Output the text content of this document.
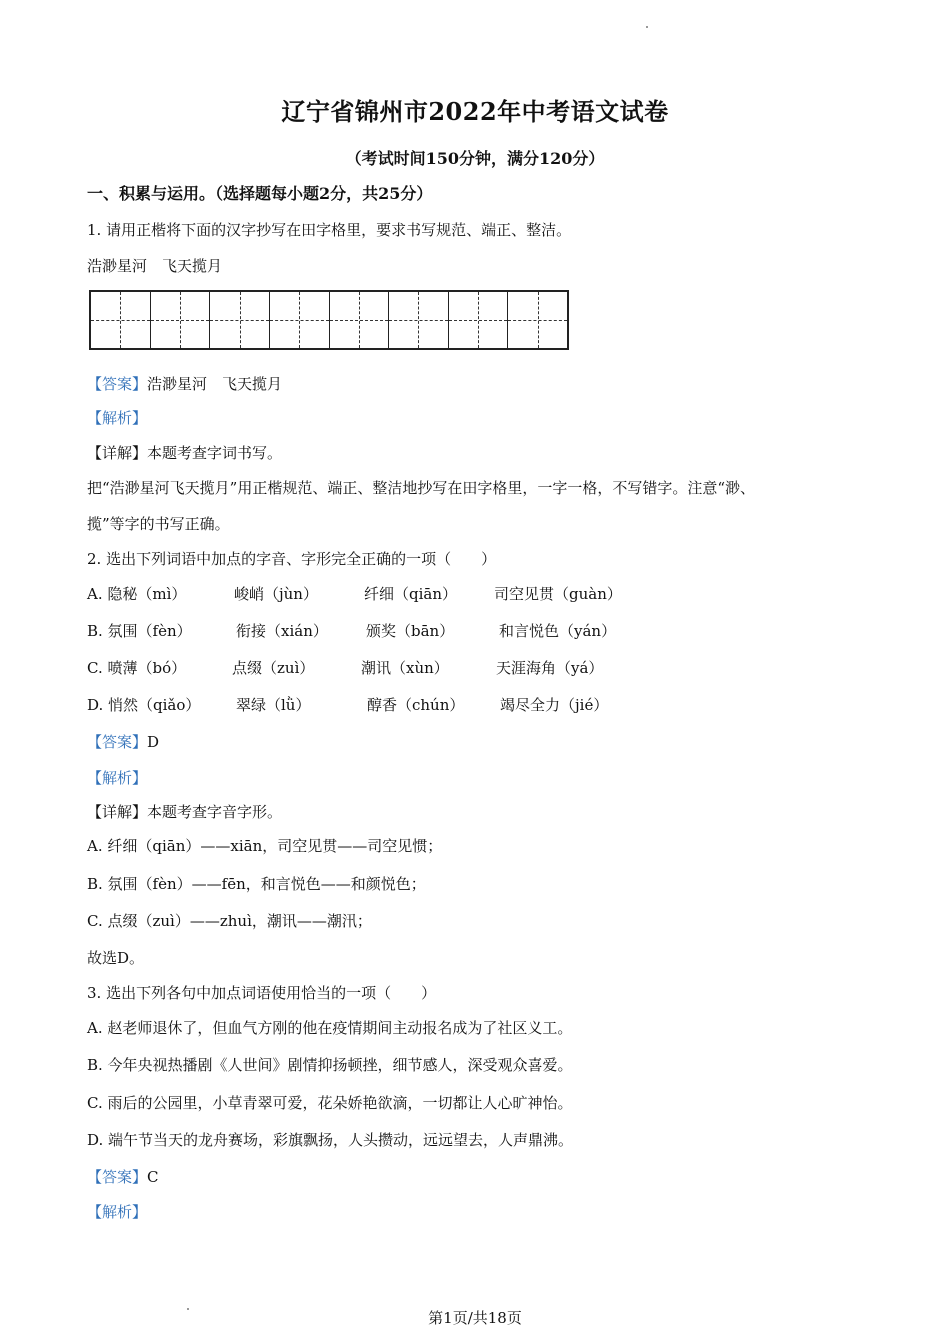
辽宁省锦州市2022年中考语文试卷
（考试时间150分钟，满分120分）
一、积累与运用。（选择题每小题2分，共25分）
1. 请用正楷将下面的汉字抄写在田字格里，要求书写规范、端正、整洁。
浩渺星河　飞天揽月
【答案】浩渺星河　飞天揽月
【解析】
【详解】本题考查字词书写。
把“浩渺星河飞天揽月”用正楷规范、端正、整洁地抄写在田字格里，一字一格，不写错字。注意“渺、
揽”等字的书写正确。
2. 选出下列词语中加点的字音、字形完全正确的一项（　　）
A. 隐秘（mì）	峻峭（jùn）	纤细（qiān） 司空见贯（guàn）
B. 氛围（fèn）	衔接（xián）	颁奖（bān）	和言悦色（yán）
C. 喷薄（bó）	点缀（zuì）	潮讯（xùn）	天涯海角（yá）
D. 悄然（qiǎo） 翠绿（lǜ）	醇香（chún） 竭尽全力（jié）
【答案】D
【解析】
【详解】本题考查字音字形。
A. 纤细（qiān）——xiān，司空见贯——司空见惯；
B. 氛围（fèn）——fēn，和言悦色——和颜悦色；
C. 点缀（zuì）——zhuì，潮讯——潮汛；
故选D。
3. 选出下列各句中加点词语使用恰当的一项（　　）
A. 赵老师退休了，但血气方刚的他在疫情期间主动报名成为了社区义工。
B. 今年央视热播剧《人世间》剧情抑扬顿挫，细节感人，深受观众喜爱。
C. 雨后的公园里，小草青翠可爱，花朵娇艳欲滴，一切都让人心旷神怡。
D. 端午节当天的龙舟赛场，彩旗飘扬，人头攒动，远远望去，人声鼎沸。
【答案】C
【解析】
第1页/共18页
